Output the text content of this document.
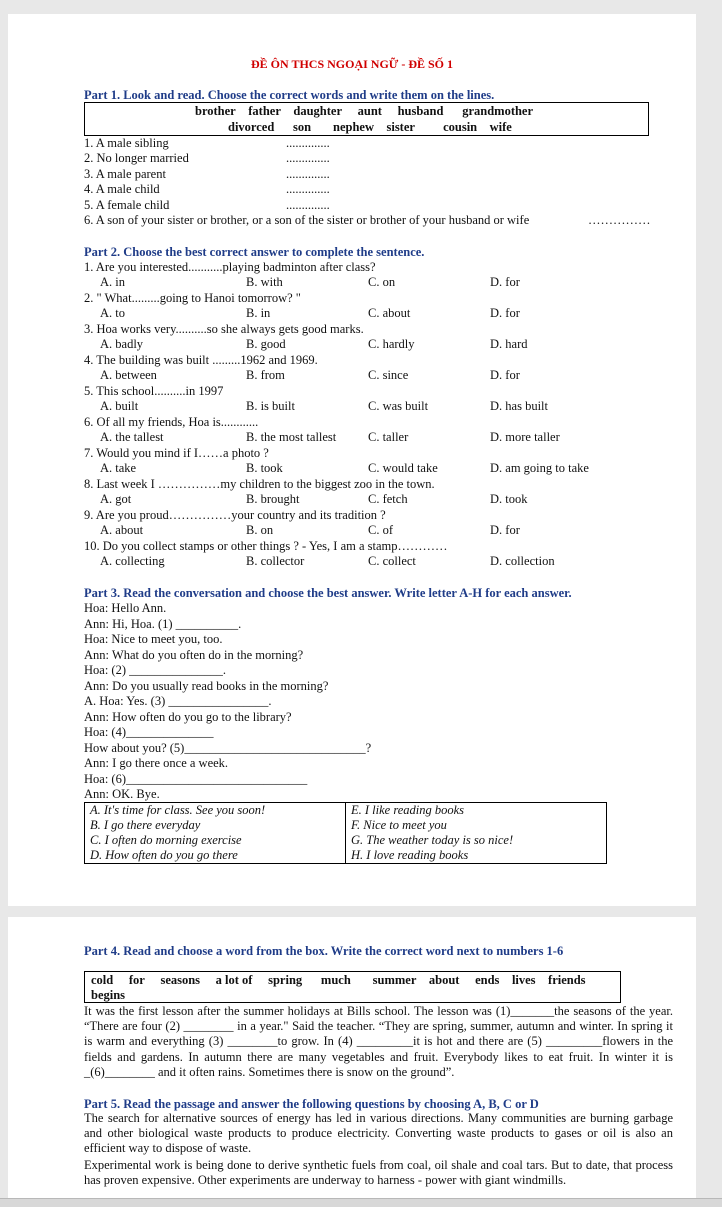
ĐỀ ÔN THCS NGOẠI NGỮ - ĐỀ SỐ 1
Part 1. Look and read. Choose the correct words and write them on the lines.
brother father daughter aunt husband grandmother
divorced son nephew sister cousin wife
1. A male sibling	..............
2. No longer married	..............
3. A male parent	..............
4. A male child	..............
5. A female child	..............
6. A son of your sister or brother, or a son of the sister or brother of your husband or wife	……………
Part 2. Choose the best correct answer to complete the sentence.
1. Are you interested...........playing badminton after class?
A. in	B. with	C. on	D. for
2. " What.........going to Hanoi tomorrow? "
A. to	B. in	C. about	D. for
3. Hoa works very..........so she always gets good marks.
A. badly	B. good	C. hardly	D. hard
4. The building was built .........1962 and 1969.
A. between	B. from	C. since	D. for
5. This school..........in 1997
A. built	B. is built	C. was built	D. has built
6. Of all my friends, Hoa is............
A. the tallest	B. the most tallest	C. taller	D. more taller
7. Would you mind if I……a photo ?
A. take	B. took	C. would take	D. am going to take
8. Last week I ……………my children to the biggest zoo in the town.
A. got	B. brought	C. fetch	D. took
9. Are you proud……………your country and its tradition ?
A. about	B. on	C. of	D. for
10. Do you collect stamps or other things ? - Yes, I am a stamp…………
A. collecting	B. collector	C. collect	D. collection
Part 3. Read the conversation and choose the best answer. Write letter A-H for each answer.
Hoa: Hello Ann.
Ann: Hi, Hoa. (1) __________.
Hoa: Nice to meet you, too.
Ann: What do you often do in the morning?
Hoa: (2) _______________.
Ann: Do you usually read books in the morning?
A. Hoa: Yes. (3) ________________.
Ann: How often do you go to the library?
Hoa: (4)______________
How about you? (5)_____________________________?
Ann: I go there once a week.
Hoa: (6)_____________________________
Ann: OK. Bye.
A. It's time for class. See you soon!
B. I go there everyday
C. I often do morning exercise
D. How often do you go there

E. I like reading books
F. Nice to meet you
G. The weather today is so nice!
H. I love reading books
Part 4. Read and choose a word from the box. Write the correct word next to numbers 1-6
cold for seasons a lot of spring much summer about ends lives friends
begins
It was the first lesson after the summer holidays at Bills school. The lesson was (1)_______the seasons of the year. “There are four (2) ________ in a year." Said the teacher. “They are spring, summer, autumn and winter. In spring it is warm and everything (3) ________to grow. In (4) _________it is hot and there are (5) _________flowers in the fields and gardens. In autumn there are many vegetables and fruit. Everybody likes to eat fruit. In winter it is _(6)________ and it often rains. Sometimes there is snow on the ground”.
Part 5. Read the passage and answer the following questions by choosing A, B, C or D
The search for alternative sources of energy has led in various directions. Many communities are burning garbage and other biological waste products to produce electricity. Converting waste products to gases or oil is also an efficient way to dispose of waste.
Experimental work is being done to derive synthetic fuels from coal, oil shale and coal tars. But to date, that process has proven expensive. Other experiments are underway to harness - power with giant windmills.
